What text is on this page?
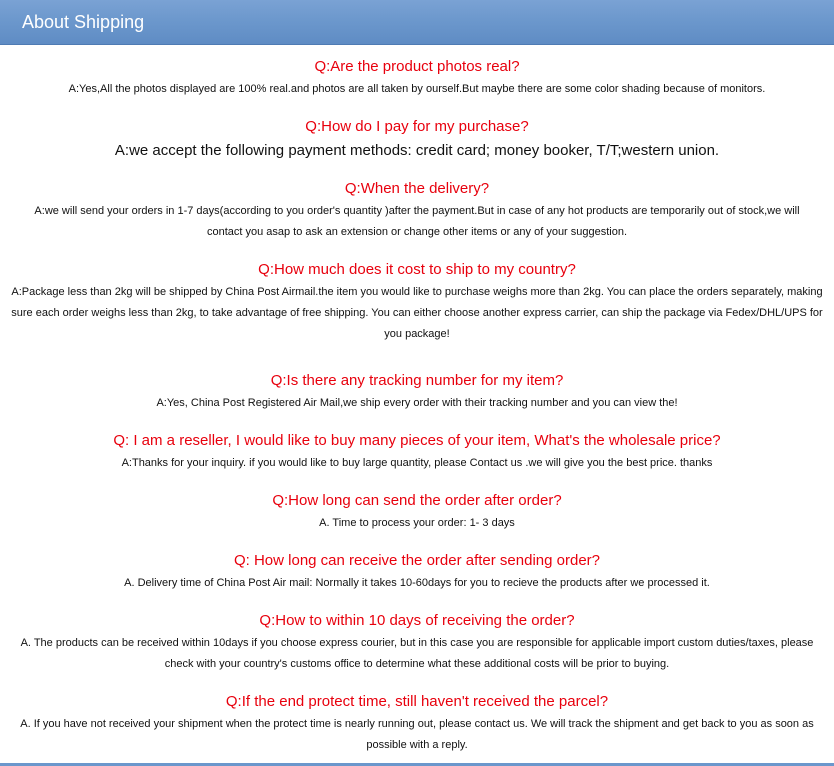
About Shipping
Q:Are the product photos real?
A:Yes,All the photos displayed are 100% real.and photos are all taken by ourself.But maybe there are some color shading because of monitors.
Q:How do I pay for my purchase?
A:we accept the following payment methods: credit card; money booker, T/T;western union.
Q:When the delivery?
A:we will send your orders in 1-7 days(according to you order's quantity )after the payment.But in case of any hot products are temporarily out of stock,we will contact you asap to ask an extension or change other items or any of your suggestion.
Q:How much does it cost to ship to my country?
A:Package less than 2kg will be shipped by China Post Airmail.the item you would like to purchase weighs more than 2kg. You can place the orders separately, making sure each order weighs less than 2kg, to take advantage of free shipping. You can either choose another express carrier, can ship the package via Fedex/DHL/UPS for you package!
Q:Is there any tracking number for my item?
A:Yes, China Post Registered Air Mail,we ship every order with their tracking number and you can view the!
Q: I am a reseller, I would like to buy many pieces of your item, What's the wholesale price?
A:Thanks for your inquiry. if you would like to buy large quantity, please Contact us .we will give you the best price. thanks
Q:How long can send the order after order?
A. Time to process your order: 1- 3 days
Q: How long can receive the order after sending order?
A. Delivery time of China Post Air mail: Normally it takes 10-60days for you to recieve the products after we processed it.
Q:How to within 10 days of receiving the order?
A. The products can be received within 10days if you choose express courier, but in this case you are responsible for applicable import custom duties/taxes, please check with your country's customs office to determine what these additional costs will be prior to buying.
Q:If the end protect time, still haven't received the parcel?
A. If you have not received your shipment when the protect time is nearly running out, please contact us. We will track the shipment and get back to you as soon as possible with a reply.
